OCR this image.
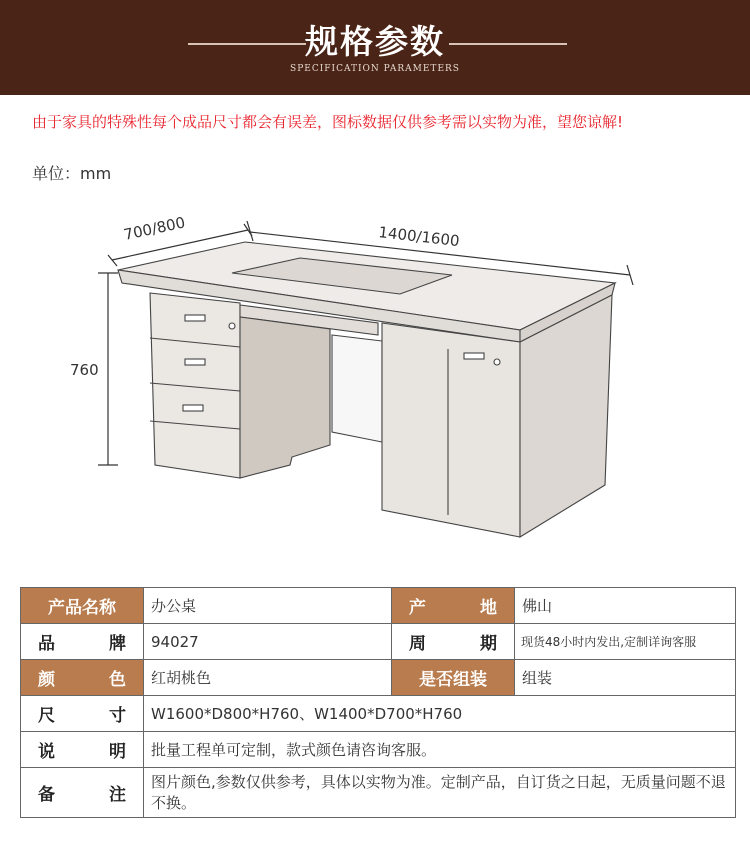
规格参数
SPECIFICATION PARAMETERS
由于家具的特殊性每个成品尺寸都会有误差，图标数据仅供参考需以实物为准，望您谅解!
单位：mm
700/800	1400/1600
760
产品名称	办公桌	产 地	佛山

品 牌	94027	周 期	现货48小时内发出,定制详询客服

颜 色	红胡桃色	是否组装	组装

尺 寸	W1600*D800*H760、W1400*D700*H760		

说 明	批量工程单可定制，款式颜色请咨询客服。		

备 注	图片颜色,参数仅供参考，具体以实物为准。定制产品，自订货之日起，无质量问题不退不换。		
